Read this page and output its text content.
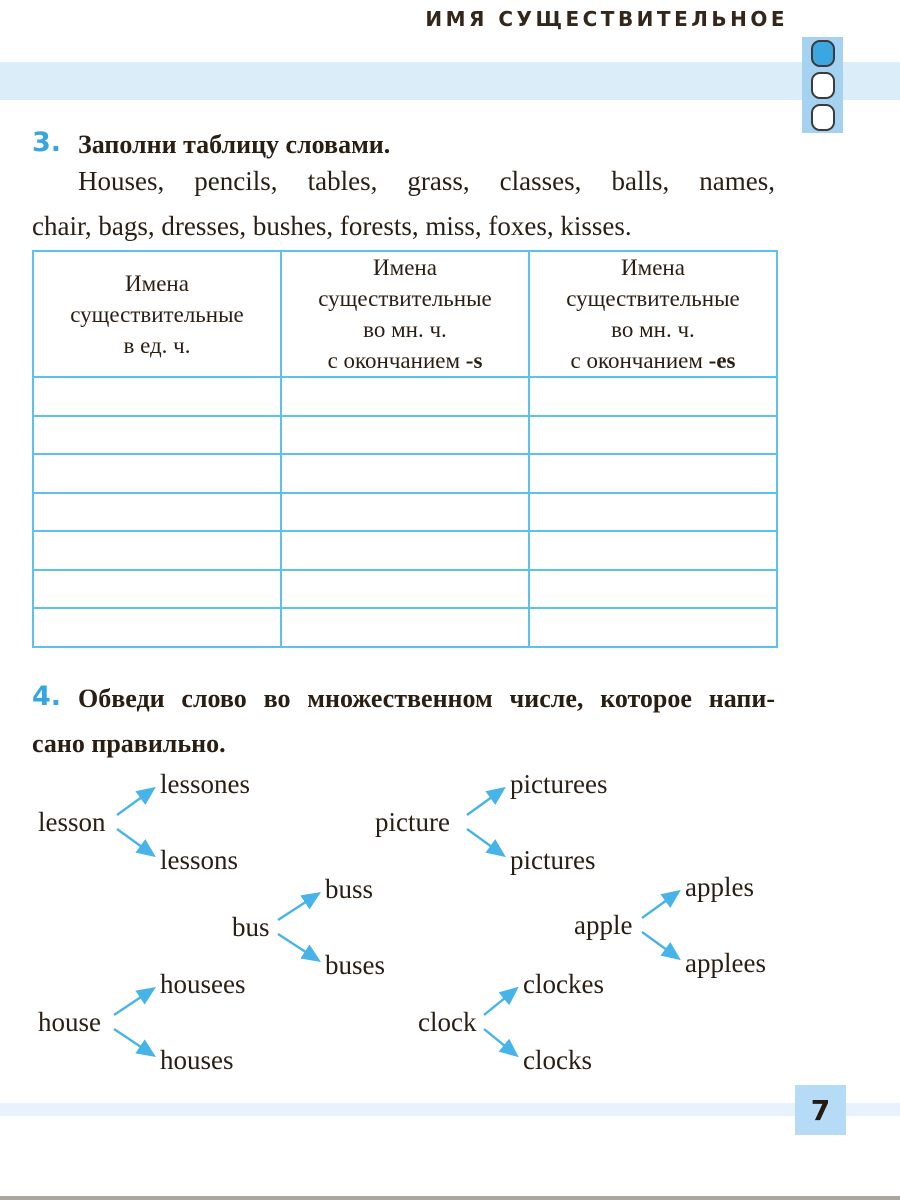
ИМЯ СУЩЕСТВИТЕЛЬНОЕ
3. Заполни таблицу словами.
Houses, pencils, tables, grass, classes, balls, names,
chair, bags, dresses, bushes, forests, miss, foxes, kisses.
Имена
существительные
в ед. ч.	Имена
существительные
во мн. ч.
с окончанием -s	Имена
существительные
во мн. ч.
с окончанием -es

4. Обведи слово во множественном числе, которое напи-
сано правильно.
lesson
lessones
lessons
picture
picturees
pictures
bus
buss
buses
apple
apples
applees
house
housees
houses
clock
clockes
clocks
7
